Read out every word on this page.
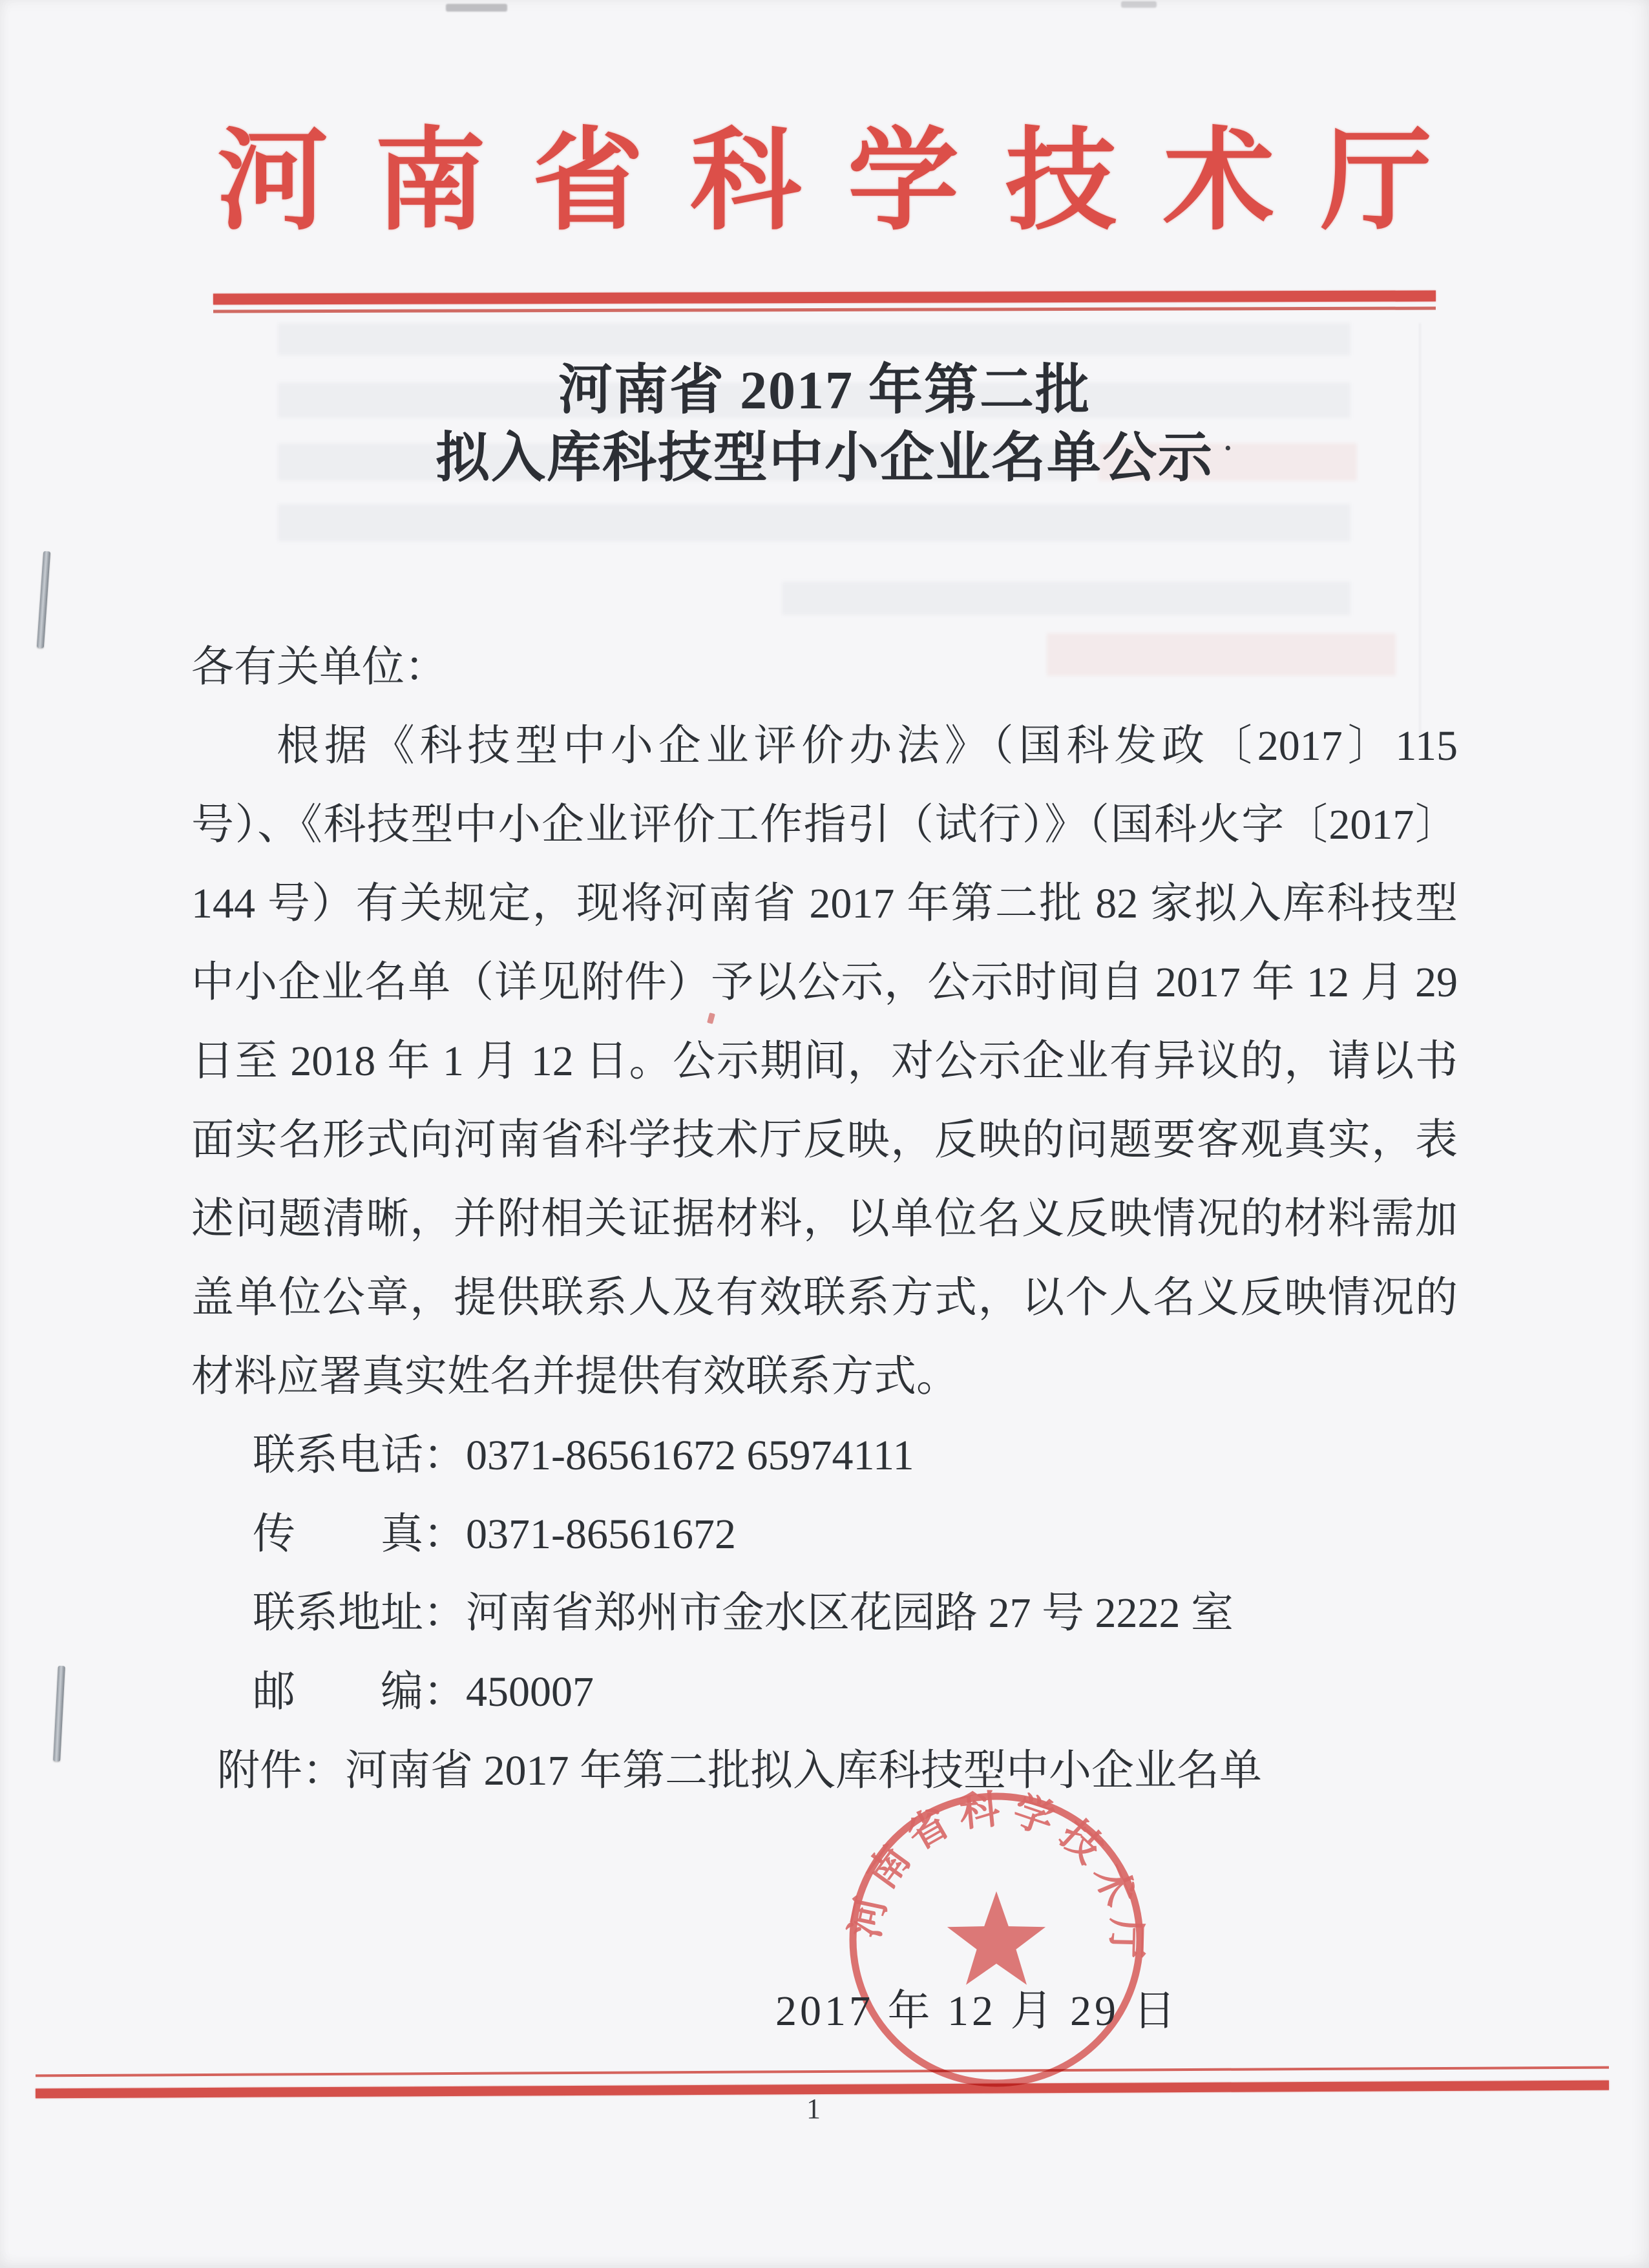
河南省科学技术厅
河南省 2017 年第二批
拟入库科技型中小企业名单公示 ·
各有关单位：

根据《科技型中小企业评价办法》（国科发政〔2017〕115 号）、《科技型中小企业评价工作指引（试行）》（国科火字〔2017〕144 号）有关规定，现将河南省 2017 年第二批 82 家拟入库科技型中小企业名单（详见附件）予以公示，公示时间自 2017 年 12 月 29 日至 2018 年 1 月 12 日。公示期间，对公示企业有异议的，请以书面实名形式向河南省科学技术厅反映，反映的问题要客观真实，表述问题清晰，并附相关证据材料，以单位名义反映情况的材料需加盖单位公章，提供联系人及有效联系方式，以个人名义反映情况的材料应署真实姓名并提供有效联系方式。

联系电话：0371-86561672 65974111
传　　真：0371-86561672
联系地址：河南省郑州市金水区花园路 27 号 2222 室
邮　　编：450007
附件：河南省 2017 年第二批拟入库科技型中小企业名单
2017 年 12 月 29 日
河南省科学技术厅
1
